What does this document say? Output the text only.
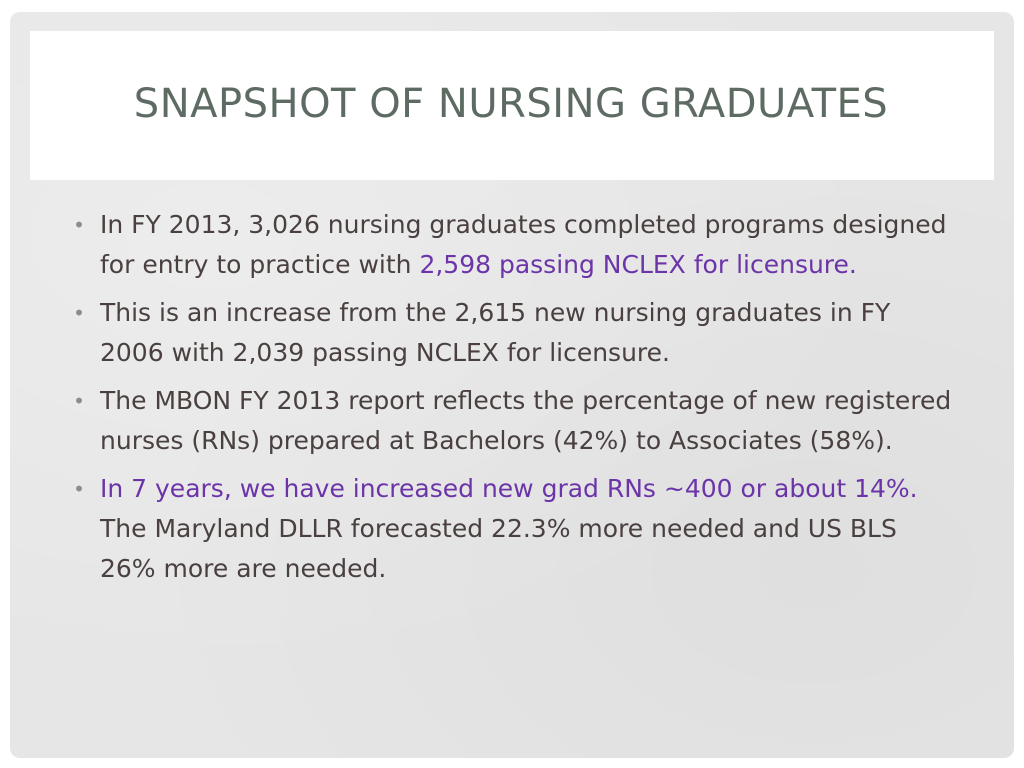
SNAPSHOT OF NURSING GRADUATES
• In FY 2013, 3,026 nursing graduates completed programs designed for entry to practice with 2,598 passing NCLEX for licensure.
• This is an increase from the 2,615 new nursing graduates in FY 2006 with 2,039 passing NCLEX for licensure.
• The MBON FY 2013 report reflects the percentage of new registered nurses (RNs) prepared at Bachelors (42%) to Associates (58%).
• In 7 years, we have increased new grad RNs ~400 or about 14%.  The Maryland DLLR forecasted 22.3% more needed and US BLS 26% more are needed.
